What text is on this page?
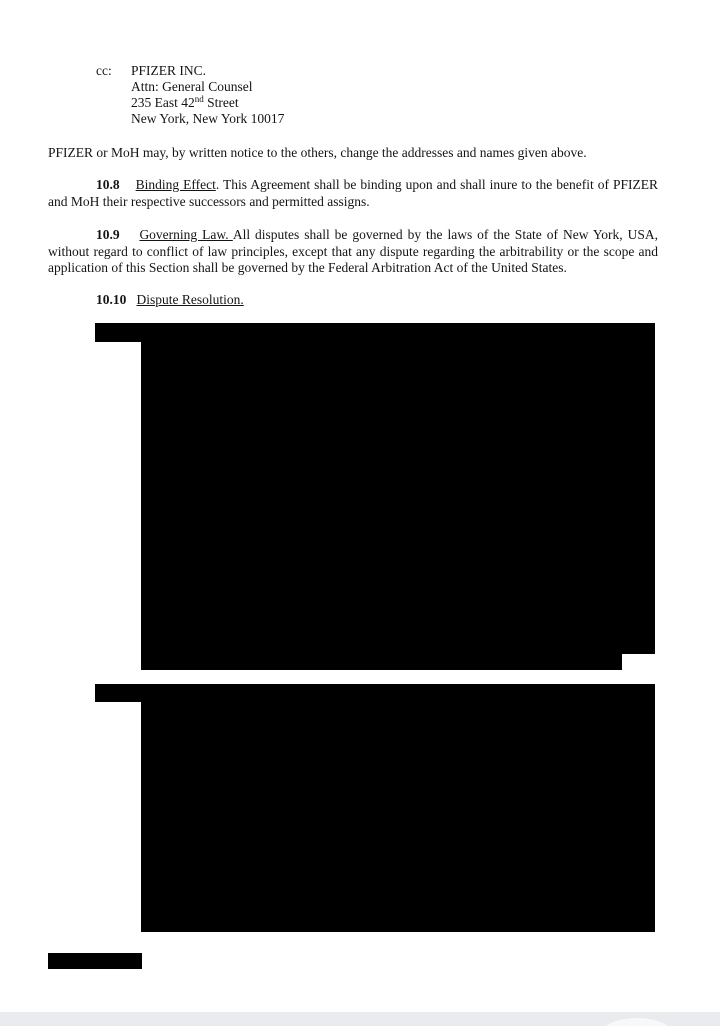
cc: PFIZER INC.
Attn: General Counsel
235 East 42nd Street
New York, New York 10017
PFIZER or MoH may, by written notice to the others, change the addresses and names given above.
10.8 Binding Effect. This Agreement shall be binding upon and shall inure to the benefit of PFIZER and MoH their respective successors and permitted assigns.
10.9 Governing Law. All disputes shall be governed by the laws of the State of New York, USA, without regard to conflict of law principles, except that any dispute regarding the arbitrability or the scope and application of this Section shall be governed by the Federal Arbitration Act of the United States.
10.10 Dispute Resolution.
